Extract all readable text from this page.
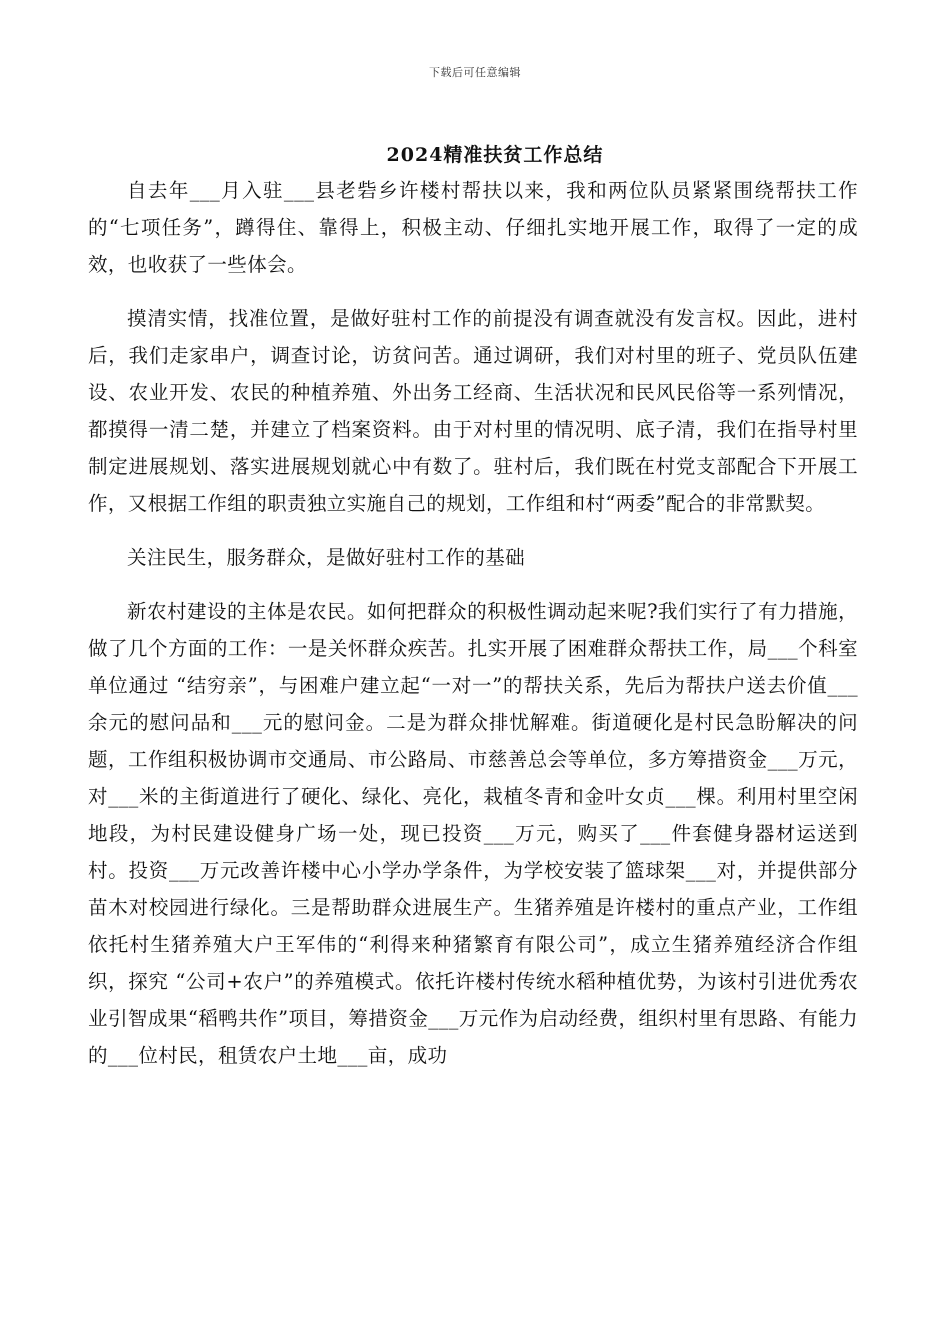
下载后可任意编辑
2024精准扶贫工作总结

自去年___月入驻___县老砦乡许楼村帮扶以来，我和两位队员紧紧围绕帮扶工作的“七项任务”，蹲得住、靠得上，积极主动、仔细扎实地开展工作，取得了一定的成效，也收获了一些体会。

摸清实情，找准位置，是做好驻村工作的前提没有调查就没有发言权。因此，进村后，我们走家串户，调查讨论，访贫问苦。通过调研，我们对村里的班子、党员队伍建设、农业开发、农民的种植养殖、外出务工经商、生活状况和民风民俗等一系列情况，都摸得一清二楚，并建立了档案资料。由于对村里的情况明、底子清，我们在指导村里制定进展规划、落实进展规划就心中有数了。驻村后，我们既在村党支部配合下开展工作，又根据工作组的职责独立实施自己的规划，工作组和村“两委”配合的非常默契。

关注民生，服务群众，是做好驻村工作的基础

新农村建设的主体是农民。如何把群众的积极性调动起来呢?我们实行了有力措施，做了几个方面的工作：一是关怀群众疾苦。扎实开展了困难群众帮扶工作，局___个科室单位通过 “结穷亲”，与困难户建立起“一对一”的帮扶关系，先后为帮扶户送去价值___余元的慰问品和___元的慰问金。二是为群众排忧解难。街道硬化是村民急盼解决的问题，工作组积极协调市交通局、市公路局、市慈善总会等单位，多方筹措资金___万元，对___米的主街道进行了硬化、绿化、亮化，栽植冬青和金叶女贞___棵。利用村里空闲地段，为村民建设健身广场一处，现已投资___万元，购买了___件套健身器材运送到村。投资___万元改善许楼中心小学办学条件，为学校安装了篮球架___对，并提供部分苗木对校园进行绿化。三是帮助群众进展生产。生猪养殖是许楼村的重点产业，工作组依托村生猪养殖大户王军伟的“利得来种猪繁育有限公司”，成立生猪养殖经济合作组织，探究 “公司+农户”的养殖模式。依托许楼村传统水稻种植优势，为该村引进优秀农业引智成果“稻鸭共作”项目，筹措资金___万元作为启动经费，组织村里有思路、有能力的___位村民，租赁农户土地___亩，成功
